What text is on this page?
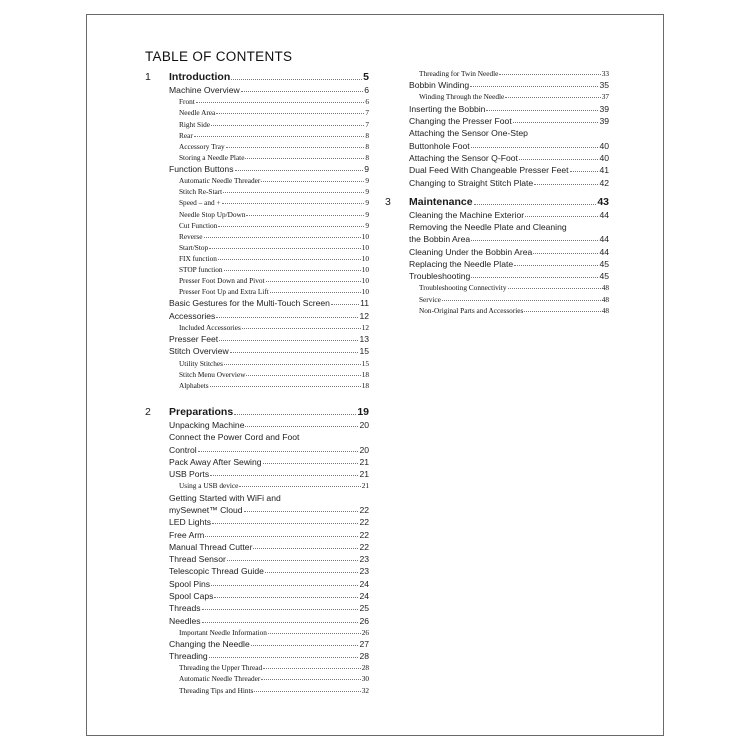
TABLE OF CONTENTS
1	Introduction	5
Machine Overview	6
Front	6
Needle Area	7
Right Side	7
Rear	8
Accessory Tray	8
Storing a Needle Plate	8
Function Buttons	9
Automatic Needle Threader	9
Stitch Re-Start	9
Speed – and +	9
Needle Stop Up/Down	9
Cut Function	9
Reverse	10
Start/Stop	10
FIX function	10
STOP function	10
Presser Foot Down and Pivot	10
Presser Foot Up and Extra Lift	10
Basic Gestures for the Multi-Touch Screen	11
Accessories	12
Included Accessories	12
Presser Feet	13
Stitch Overview	15
Utility Stitches	15
Stitch Menu Overview	18
Alphabets	18
2	Preparations	19
Unpacking Machine	20
Connect the Power Cord and Foot
Control	20
Pack Away After Sewing	21
USB Ports	21
Using a USB device	21
Getting Started with WiFi and
mySewnet™ Cloud	22
LED Lights	22
Free Arm	22
Manual Thread Cutter	22
Thread Sensor	23
Telescopic Thread Guide	23
Spool Pins	24
Spool Caps	24
Threads	25
Needles	26
Important Needle Information	26
Changing the Needle	27
Threading	28
Threading the Upper Thread	28
Automatic Needle Threader	30
Threading Tips and Hints	32
Threading for Twin Needle	33
Bobbin Winding	35
Winding Through the Needle	37
Inserting the Bobbin	39
Changing the Presser Foot	39
Attaching the Sensor One-Step
Buttonhole Foot	40
Attaching the Sensor Q-Foot	40
Dual Feed With Changeable Presser Feet	41
Changing to Straight Stitch Plate	42
3	Maintenance	43
Cleaning the Machine Exterior	44
Removing the Needle Plate and Cleaning
the Bobbin Area	44
Cleaning Under the Bobbin Area	44
Replacing the Needle Plate	45
Troubleshooting	45
Troubleshooting Connectivity	48
Service	48
Non-Original Parts and Accessories	48
